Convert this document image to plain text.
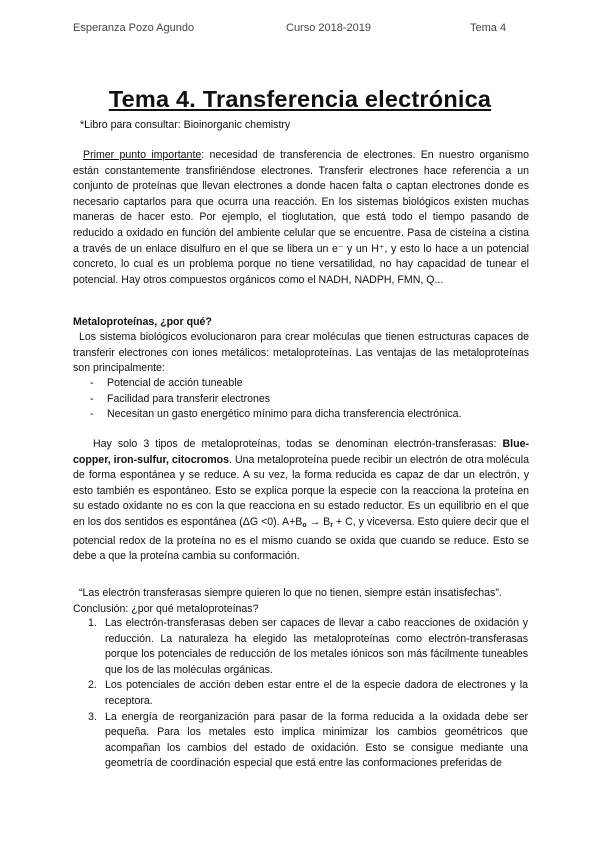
Esperanza Pozo Agundo	Curso 2018-2019	Tema 4
Tema 4. Transferencia electrónica
*Libro para consultar: Bioinorganic chemistry
Primer punto importante: necesidad de transferencia de electrones. En nuestro organismo están constantemente transfiriéndose electrones. Transferir electrones hace referencia a un conjunto de proteínas que llevan electrones a donde hacen falta o captan electrones donde es necesario captarlos para que ocurra una reacción. En los sistemas biológicos existen muchas maneras de hacer esto. Por ejemplo, el tioglutation, que está todo el tiempo pasando de reducido a oxidado en función del ambiente celular que se encuentre. Pasa de cisteína a cistina a través de un enlace disulfuro en el que se libera un e⁻ y un H⁺, y esto lo hace a un potencial concreto, lo cual es un problema porque no tiene versatilidad, no hay capacidad de tunear el potencial. Hay otros compuestos orgánicos como el NADH, NADPH, FMN, Q...
Metaloproteínas, ¿por qué?
Los sistema biológicos evolucionaron para crear moléculas que tienen estructuras capaces de transferir electrones con iones metálicos: metaloproteínas. Las ventajas de las metaloproteínas son principalmente:
- Potencial de acción tuneable
- Facilidad para transferir electrones
- Necesitan un gasto energético mínimo para dicha transferencia electrónica.
Hay solo 3 tipos de metaloproteínas, todas se denominan electrón-transferasas: Blue-copper, iron-sulfur, citocromos. Una metaloproteína puede recibir un electrón de otra molécula de forma espontánea y se reduce. A su vez, la forma reducida es capaz de dar un electrón, y esto también es espontáneo. Esto se explica porque la especie con la reacciona la proteína en su estado oxidante no es con la que reacciona en su estado reductor. Es un equilibrio en el que en los dos sentidos es espontánea (ΔG <0). $A+B_o \to B_r + C$, y viceversa. Esto quiere decir que el potencial redox de la proteína no es el mismo cuando se oxida que cuando se reduce. Esto se debe a que la proteína cambia su conformación.
“Las electrón transferasas siempre quieren lo que no tienen, siempre están insatisfechas”.
Conclusión: ¿por qué metaloproteínas?
1. Las electrón-transferasas deben ser capaces de llevar a cabo reacciones de oxidación y reducción. La naturaleza ha elegido las metaloproteínas como electrón-transferasas porque los potenciales de reducción de los metales iónicos son más fácilmente tuneables que los de las moléculas orgánicas.
2. Los potenciales de acción deben estar entre el de la especie dadora de electrones y la receptora.
3. La energía de reorganización para pasar de la forma reducida a la oxidada debe ser pequeña. Para los metales esto implica minimizar los cambios geométricos que acompañan los cambios del estado de oxidación. Esto se consigue mediante una geometría de coordinación especial que está entre las conformaciones preferidas de
